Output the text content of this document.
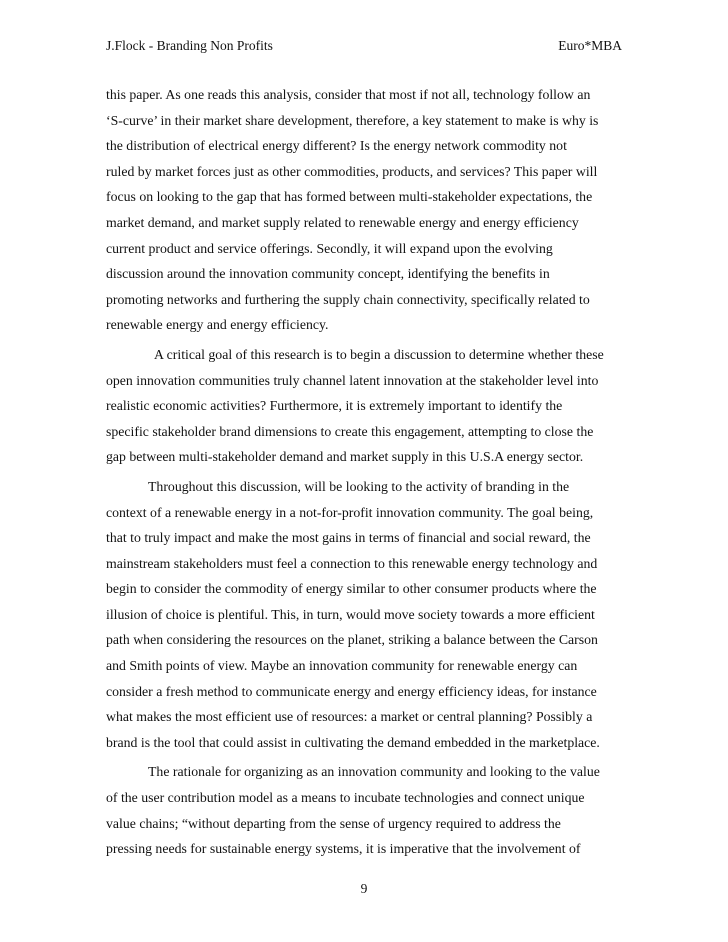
J.Flock - Branding Non Profits	Euro*MBA
this paper. As one reads this analysis, consider that most if not all, technology follow an
‘S-curve’ in their market share development, therefore, a key statement to make is why is
the distribution of electrical energy different? Is the energy network commodity not
ruled by market forces just as other commodities, products, and services? This paper will
focus on looking to the gap that has formed between multi-stakeholder expectations, the
market demand, and market supply related to renewable energy and energy efficiency
current product and service offerings. Secondly, it will expand upon the evolving
discussion around the innovation community concept, identifying the benefits in
promoting networks and furthering the supply chain connectivity, specifically related to
renewable energy and energy efficiency.
A critical goal of this research is to begin a discussion to determine whether these
open innovation communities truly channel latent innovation at the stakeholder level into
realistic economic activities? Furthermore, it is extremely important to identify the
specific stakeholder brand dimensions to create this engagement, attempting to close the
gap between multi-stakeholder demand and market supply in this U.S.A energy sector.
Throughout this discussion, will be looking to the activity of branding in the
context of a renewable energy in a not-for-profit innovation community. The goal being,
that to truly impact and make the most gains in terms of financial and social reward, the
mainstream stakeholders must feel a connection to this renewable energy technology and
begin to consider the commodity of energy similar to other consumer products where the
illusion of choice is plentiful. This, in turn, would move society towards a more efficient
path when considering the resources on the planet, striking a balance between the Carson
and Smith points of view. Maybe an innovation community for renewable energy can
consider a fresh method to communicate energy and energy efficiency ideas, for instance
what makes the most efficient use of resources: a market or central planning? Possibly a
brand is the tool that could assist in cultivating the demand embedded in the marketplace.
The rationale for organizing as an innovation community and looking to the value
of the user contribution model as a means to incubate technologies and connect unique
value chains; “without departing from the sense of urgency required to address the
pressing needs for sustainable energy systems, it is imperative that the involvement of
9
